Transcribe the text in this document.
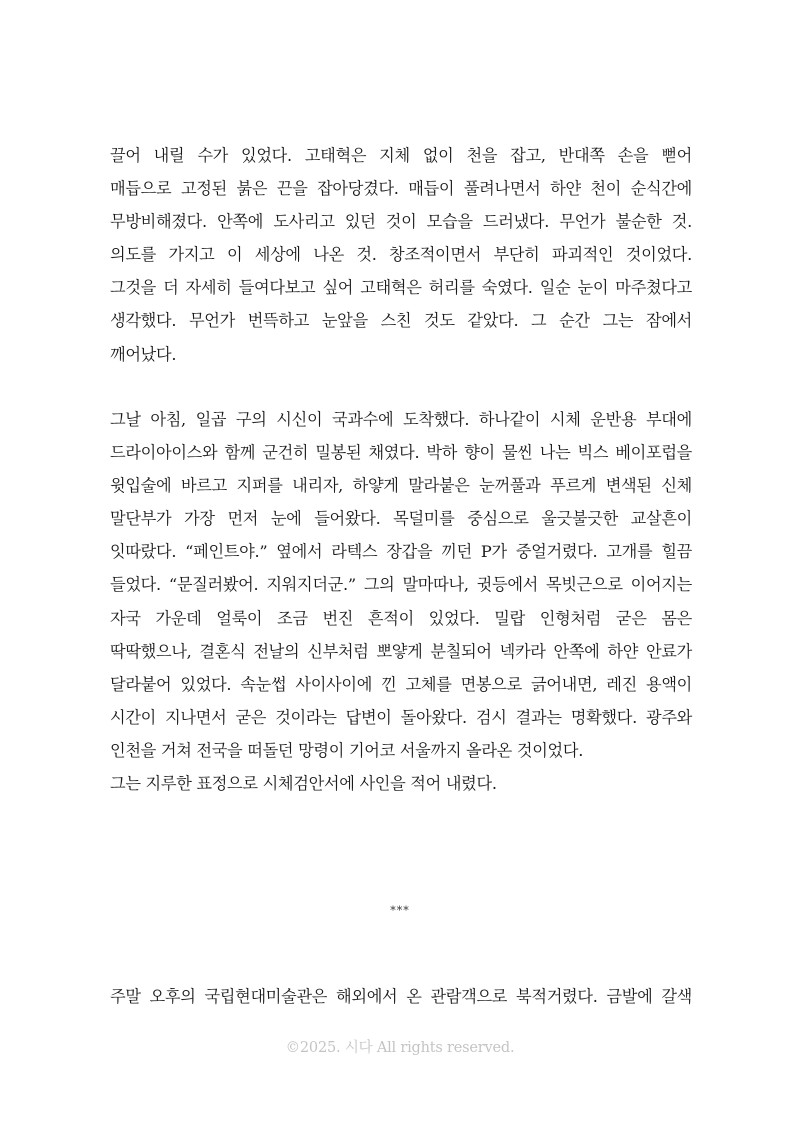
끌어 내릴 수가 있었다. 고태혁은 지체 없이 천을 잡고, 반대쪽 손을 뻗어
매듭으로 고정된 붉은 끈을 잡아당겼다. 매듭이 풀려나면서 하얀 천이 순식간에
무방비해졌다. 안쪽에 도사리고 있던 것이 모습을 드러냈다. 무언가 불순한 것.
의도를 가지고 이 세상에 나온 것. 창조적이면서 부단히 파괴적인 것이었다.
그것을 더 자세히 들여다보고 싶어 고태혁은 허리를 숙였다. 일순 눈이 마주쳤다고
생각했다. 무언가 번뜩하고 눈앞을 스친 것도 같았다. 그 순간 그는 잠에서
깨어났다.
그날 아침, 일곱 구의 시신이 국과수에 도착했다. 하나같이 시체 운반용 부대에
드라이아이스와 함께 군건히 밀봉된 채였다. 박하 향이 물씬 나는 빅스 베이포럽을
윗입술에 바르고 지퍼를 내리자, 하얗게 말라붙은 눈꺼풀과 푸르게 변색된 신체
말단부가 가장 먼저 눈에 들어왔다. 목덜미를 중심으로 울긋불긋한 교살흔이
잇따랐다. “페인트야.” 옆에서 라텍스 장갑을 끼던 P가 중얼거렸다. 고개를 힐끔
들었다. “문질러봤어. 지워지더군.” 그의 말마따나, 귓등에서 목빗근으로 이어지는
자국 가운데 얼룩이 조금 번진 흔적이 있었다. 밀랍 인형처럼 굳은 몸은
딱딱했으나, 결혼식 전날의 신부처럼 뽀얗게 분칠되어 넥카라 안쪽에 하얀 안료가
달라붙어 있었다. 속눈썹 사이사이에 낀 고체를 면봉으로 긁어내면, 레진 용액이
시간이 지나면서 굳은 것이라는 답변이 돌아왔다. 검시 결과는 명확했다. 광주와
인천을 거쳐 전국을 떠돌던 망령이 기어코 서울까지 올라온 것이었다.
그는 지루한 표정으로 시체검안서에 사인을 적어 내렸다.
***
주말 오후의 국립현대미술관은 해외에서 온 관람객으로 북적거렸다. 금발에 갈색
©2025. 시다 All rights reserved.
